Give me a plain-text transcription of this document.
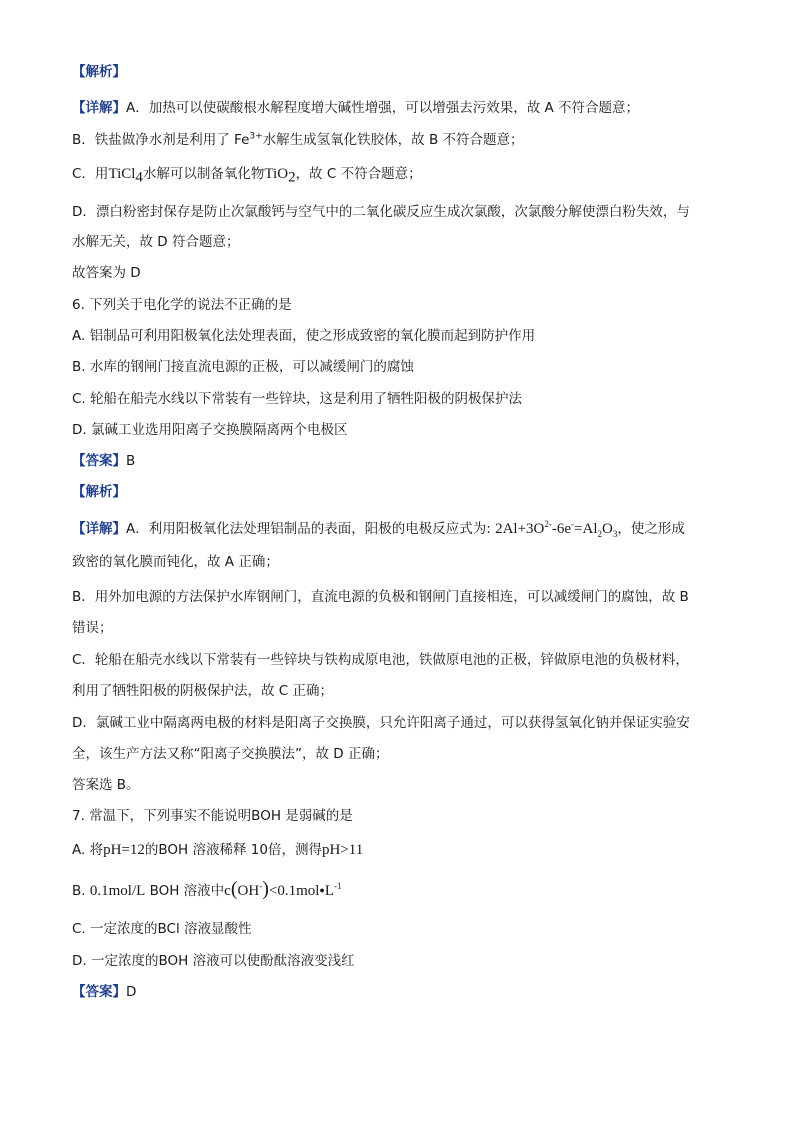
【解析】
【详解】A．加热可以使碳酸根水解程度增大碱性增强，可以增强去污效果，故 A 不符合题意；
B．铁盐做净水剂是利用了 $Fe^{3+}$水解生成氢氧化铁胶体，故 B 不符合题意；
C．用TiCl$_4$水解可以制备氧化物TiO$_2$，故 C 不符合题意；
D．漂白粉密封保存是防止次氯酸钙与空气中的二氧化碳反应生成次氯酸，次氯酸分解使漂白粉失效，与
水解无关，故 D 符合题意；
故答案为 D
6. 下列关于电化学的说法不正确的是
A. 铝制品可利用阳极氧化法处理表面，使之形成致密的氧化膜而起到防护作用
B. 水库的钢闸门接直流电源的正极，可以减缓闸门的腐蚀
C. 轮船在船壳水线以下常装有一些锌块，这是利用了牺牲阳极的阴极保护法
D. 氯碱工业选用阳离子交换膜隔离两个电极区
【答案】B
【解析】
【详解】A．利用阳极氧化法处理铝制品的表面，阳极的电极反应式为: $2Al+3O^{2-}-6e^-=Al_2O_3$，使之形成
致密的氧化膜而钝化，故 A 正确；
B．用外加电源的方法保护水库钢闸门，直流电源的负极和钢闸门直接相连，可以减缓闸门的腐蚀，故 B
错误；
C．轮船在船壳水线以下常装有一些锌块与铁构成原电池，铁做原电池的正极，锌做原电池的负极材料，
利用了牺牲阳极的阴极保护法，故 C 正确；
D．氯碱工业中隔离两电极的材料是阳离子交换膜，只允许阳离子通过，可以获得氢氧化钠并保证实验安
全，该生产方法又称“阳离子交换膜法”，故 D 正确；
答案选 B。
7. 常温下，下列事实不能说明BOH 是弱碱的是
A. 将pH=12的BOH 溶液稀释 10倍，测得pH>11
B. 0.1mol/L BOH 溶液中$c(OH^-)<0.1mol●L^{-1}$
C. 一定浓度的BCl 溶液显酸性
D. 一定浓度的BOH 溶液可以使酚酞溶液变浅红
【答案】D
